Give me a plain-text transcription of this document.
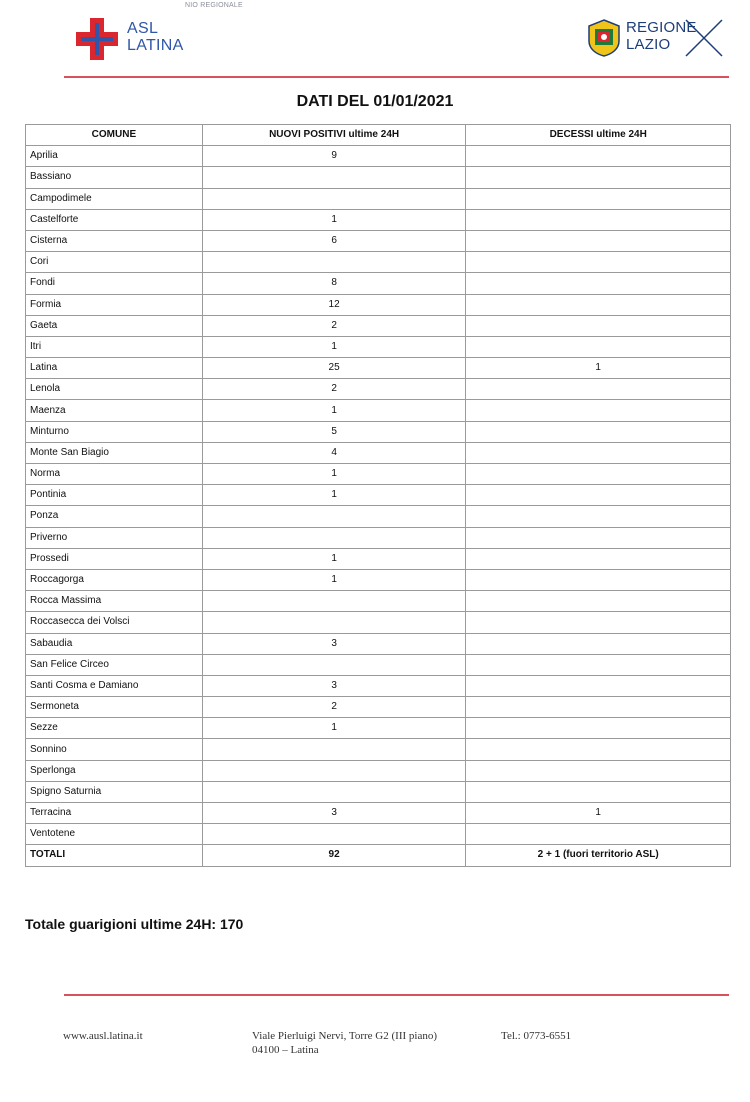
NIO REGIONALE
ASL
LATINA
REGIONE
LAZIO
DATI DEL 01/01/2021
COMUNE	NUOVI POSITIVI ultime 24H	DECESSI ultime 24H
Aprilia	9	
Bassiano		
Campodimele		
Castelforte	1	
Cisterna	6	
Cori		
Fondi	8	
Formia	12	
Gaeta	2	
Itri	1	
Latina	25	1
Lenola	2	
Maenza	1	
Minturno	5	
Monte San Biagio	4	
Norma	1	
Pontinia	1	
Ponza		
Priverno		
Prossedi	1	
Roccagorga	1	
Rocca Massima		
Roccasecca dei Volsci		
Sabaudia	3	
San Felice Circeo		
Santi Cosma e Damiano	3	
Sermoneta	2	
Sezze	1	
Sonnino		
Sperlonga		
Spigno Saturnia		
Terracina	3	1
Ventotene		
TOTALI	92	2 + 1 (fuori territorio ASL)
Totale guarigioni ultime 24H: 170
www.ausl.latina.it	Viale Pierluigi Nervi, Torre G2 (III piano)
04100 – Latina
Tel.: 0773-6551
